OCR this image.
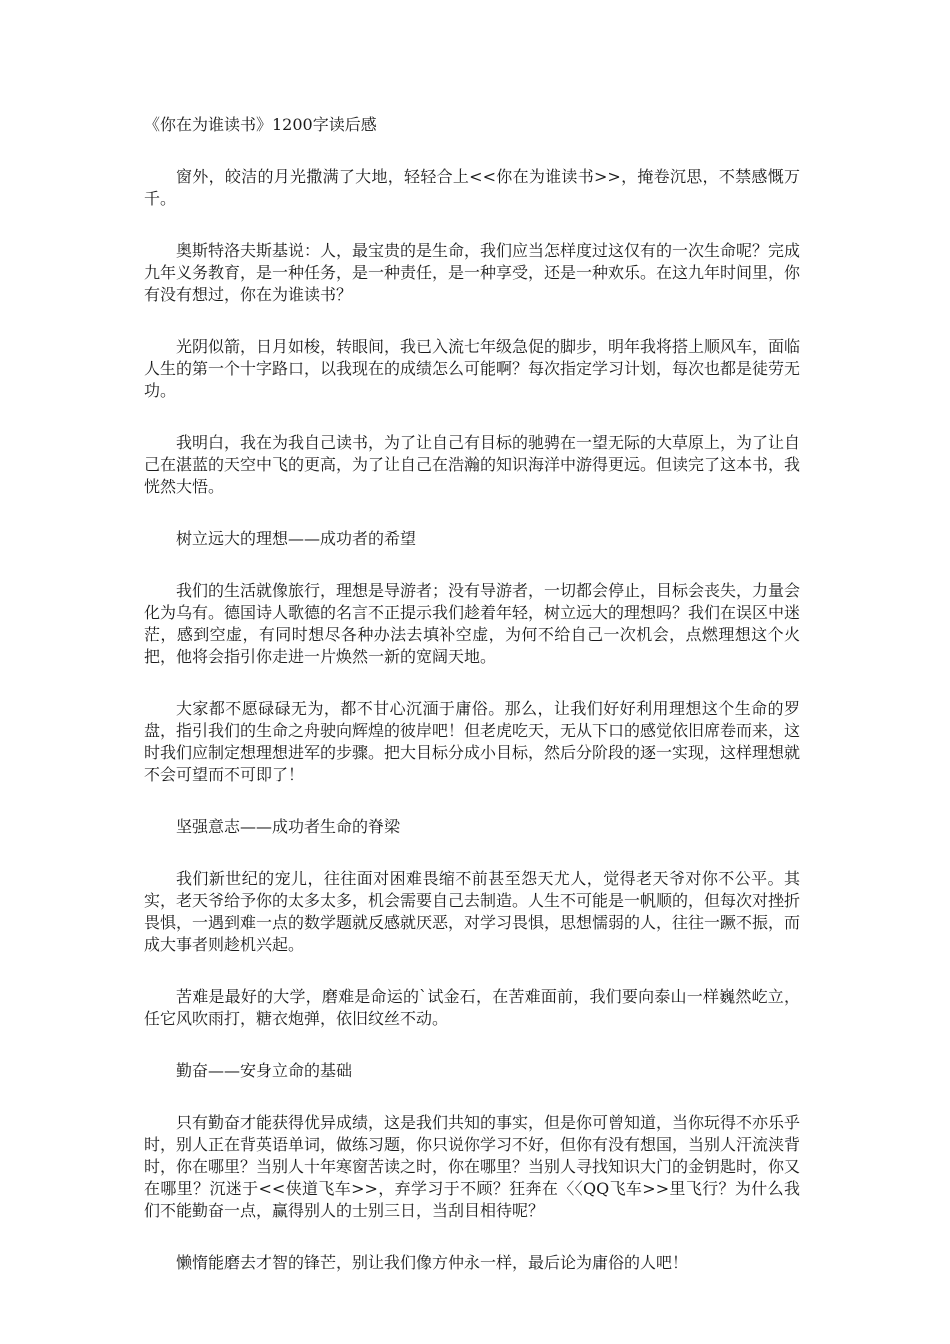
《你在为谁读书》1200字读后感

窗外，皎洁的月光撒满了大地，轻轻合上<<你在为谁读书>>，掩卷沉思，不禁感慨万千。

奥斯特洛夫斯基说：人，最宝贵的是生命，我们应当怎样度过这仅有的一次生命呢？完成九年义务教育，是一种任务，是一种责任，是一种享受，还是一种欢乐。在这九年时间里，你有没有想过，你在为谁读书？

光阴似箭，日月如梭，转眼间，我已入流七年级急促的脚步，明年我将搭上顺风车，面临人生的第一个十字路口，以我现在的成绩怎么可能啊？每次指定学习计划，每次也都是徒劳无功。

我明白，我在为我自己读书，为了让自己有目标的驰骋在一望无际的大草原上，为了让自己在湛蓝的天空中飞的更高，为了让自己在浩瀚的知识海洋中游得更远。但读完了这本书，我恍然大悟。

树立远大的理想——成功者的希望

我们的生活就像旅行，理想是导游者；没有导游者，一切都会停止，目标会丧失，力量会化为乌有。德国诗人歌德的名言不正提示我们趁着年轻，树立远大的理想吗？我们在误区中迷茫，感到空虚，有同时想尽各种办法去填补空虚，为何不给自己一次机会，点燃理想这个火把，他将会指引你走进一片焕然一新的宽阔天地。

大家都不愿碌碌无为，都不甘心沉湎于庸俗。那么，让我们好好利用理想这个生命的罗盘，指引我们的生命之舟驶向辉煌的彼岸吧！但老虎吃天，无从下口的感觉依旧席卷而来，这时我们应制定想理想进军的步骤。把大目标分成小目标，然后分阶段的逐一实现，这样理想就不会可望而不可即了！

坚强意志——成功者生命的脊梁

我们新世纪的宠儿，往往面对困难畏缩不前甚至怨天尤人，觉得老天爷对你不公平。其实，老天爷给予你的太多太多，机会需要自己去制造。人生不可能是一帆顺的，但每次对挫折畏惧，一遇到难一点的数学题就反感就厌恶，对学习畏惧，思想懦弱的人，往往一蹶不振，而成大事者则趁机兴起。

苦难是最好的大学，磨难是命运的`试金石，在苦难面前，我们要向泰山一样巍然屹立，任它风吹雨打，糖衣炮弹，依旧纹丝不动。

勤奋——安身立命的基础

只有勤奋才能获得优异成绩，这是我们共知的事实，但是你可曾知道，当你玩得不亦乐乎时，别人正在背英语单词，做练习题，你只说你学习不好，但你有没有想国，当别人汗流浃背时，你在哪里？当别人十年寒窗苦读之时，你在哪里？当别人寻找知识大门的金钥匙时，你又在哪里？沉迷于<<侠道飞车>>，弃学习于不顾？狂奔在〈〈QQ飞车>>里飞行？为什么我们不能勤奋一点，赢得别人的士别三日，当刮目相待呢？

懒惰能磨去才智的锋芒，别让我们像方仲永一样，最后论为庸俗的人吧！
